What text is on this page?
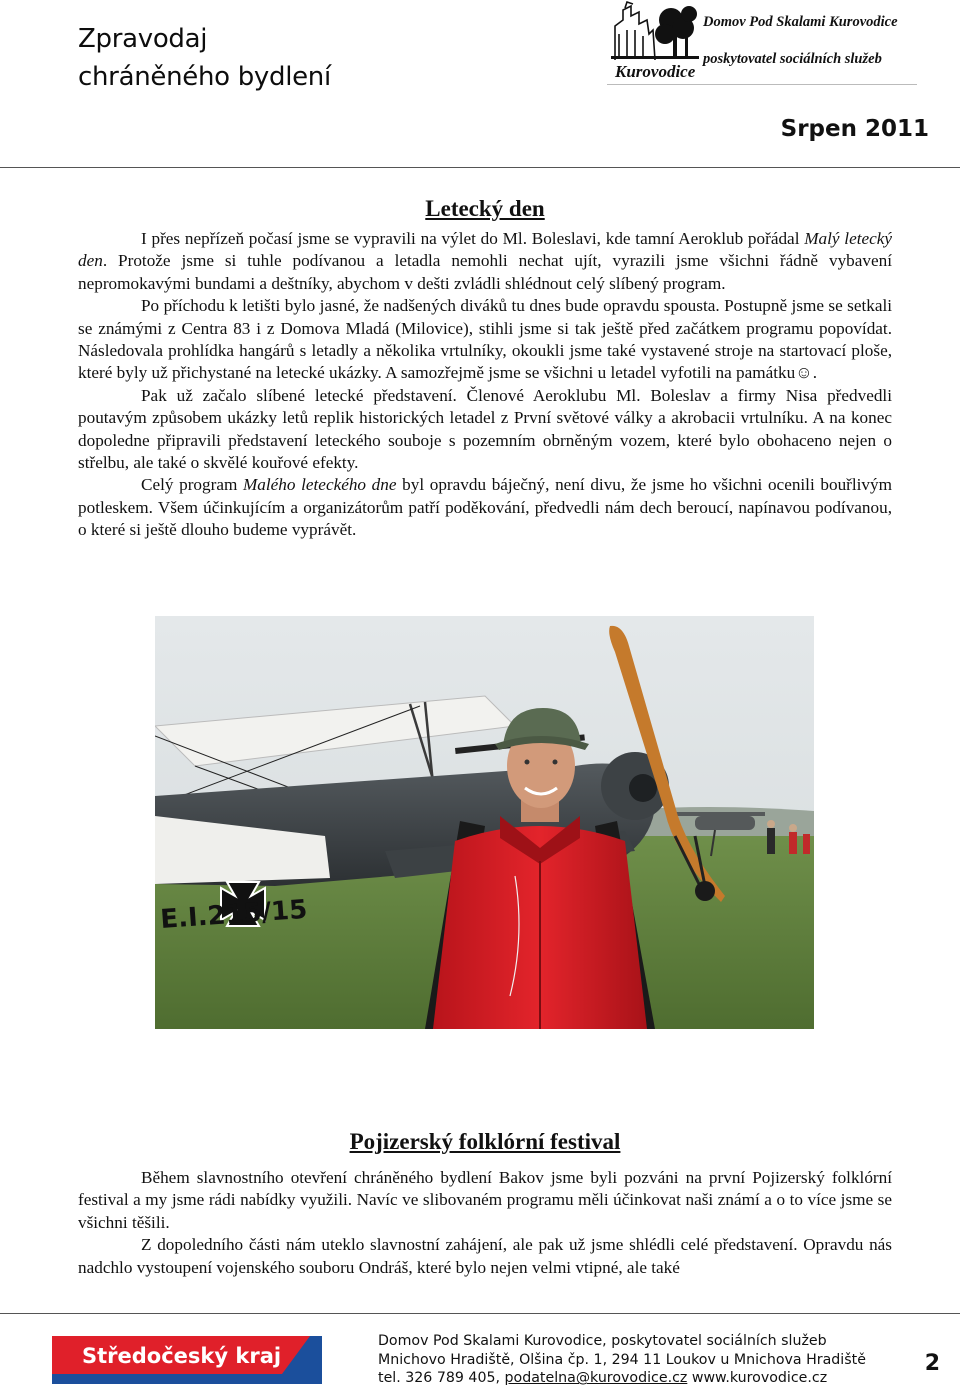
Zpravodaj
chráněného bydlení	Kurovodice
Domov Pod Skalami Kurovodice
poskytovatel sociálních služeb
Srpen 2011
Letecký den

I přes nepřízeň počasí jsme se vypravili na výlet do Ml. Boleslavi, kde tamní Aeroklub pořádal Malý letecký den. Protože jsme si tuhle podívanou a letadla nemohli nechat ujít, vyrazili jsme všichni řádně vybavení nepromokavými bundami a deštníky, abychom v dešti zvládli shlédnout celý slíbený program.

Po příchodu k letišti bylo jasné, že nadšených diváků tu dnes bude opravdu spousta. Postupně jsme se setkali se známými z Centra 83 i z Domova Mladá (Milovice), stihli jsme si tak ještě před začátkem programu popovídat. Následovala prohlídka hangárů s letadly a několika vrtulníky, okoukli jsme také vystavené stroje na startovací ploše, které byly už přichystané na letecké ukázky. A samozřejmě jsme se všichni u letadel vyfotili na památku☺.

Pak už začalo slíbené letecké představení. Členové Aeroklubu Ml. Boleslav a firmy Nisa předvedli poutavým způsobem ukázky letů replik historických letadel z První světové války a akrobacii vrtulníku. A na konec dopoledne připravili představení leteckého souboje s pozemním obrněným vozem, které bylo obohaceno nejen o střelbu, ale také o skvělé kouřové efekty.

Celý program Malého leteckého dne byl opravdu báječný, není divu, že jsme ho všichni ocenili bouřlivým potleskem. Všem účinkujícím a organizátorům patří poděkování, předvedli nám dech beroucí, napínavou podívanou, o které si ještě dlouho budeme vyprávět.

E.I.215/15
Pojizerský folklórní festival

Během slavnostního otevření chráněného bydlení Bakov jsme byli pozváni na první Pojizerský folklórní festival a my jsme rádi nabídky využili. Navíc ve slibovaném programu měli účinkovat naši známí a o to více jsme se všichni těšili.

Z dopoledního části nám uteklo slavnostní zahájení, ale pak už jsme shlédli celé představení. Opravdu nás nadchlo vystoupení vojenského souboru Ondráš, které bylo nejen velmi vtipné, ale také

Středočeský kraj
Domov Pod Skalami Kurovodice, poskytovatel sociálních služeb
Mnichovo Hradiště, Olšina čp. 1, 294 11 Loukov u Mnichova Hradiště
tel. 326 789 405, podatelna@kurovodice.cz www.kurovodice.cz
2
